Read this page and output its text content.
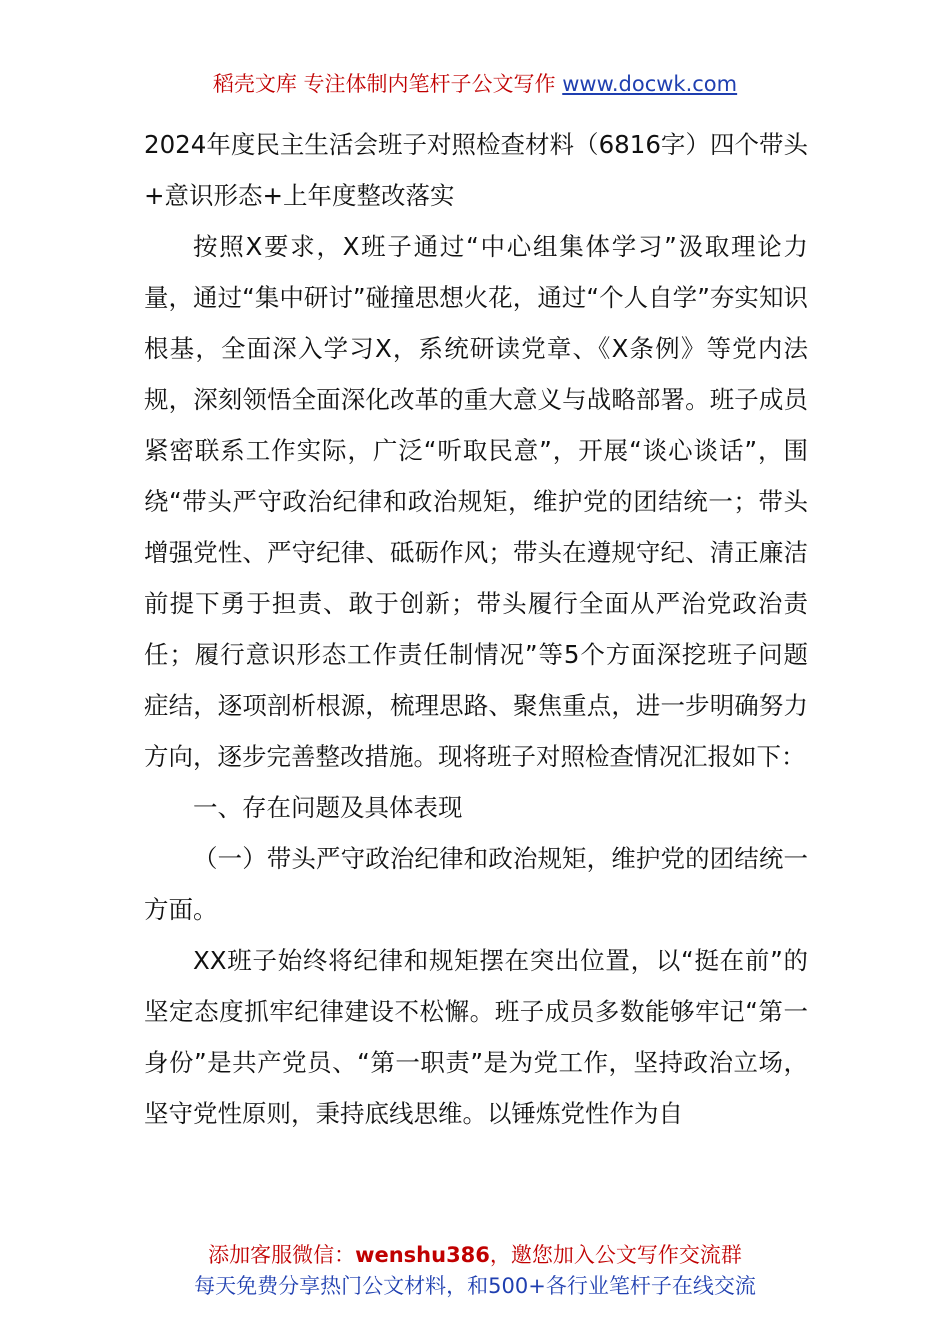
稻壳文库 专注体制内笔杆子公文写作 www.docwk.com

2024年度民主生活会班子对照检查材料（6816字）四个带头+意识形态+上年度整改落实

按照X要求，X班子通过“中心组集体学习”汲取理论力量，通过“集中研讨”碰撞思想火花，通过“个人自学”夯实知识根基，全面深入学习X，系统研读党章、《X条例》等党内法规，深刻领悟全面深化改革的重大意义与战略部署。班子成员紧密联系工作实际，广泛“听取民意”，开展“谈心谈话”，围绕“带头严守政治纪律和政治规矩，维护党的团结统一；带头增强党性、严守纪律、砥砺作风；带头在遵规守纪、清正廉洁前提下勇于担责、敢于创新；带头履行全面从严治党政治责任；履行意识形态工作责任制情况”等5个方面深挖班子问题症结，逐项剖析根源，梳理思路、聚焦重点，进一步明确努力方向，逐步完善整改措施。现将班子对照检查情况汇报如下：

一、存在问题及具体表现

（一）带头严守政治纪律和政治规矩，维护党的团结统一方面。

XX班子始终将纪律和规矩摆在突出位置，以“挺在前”的坚定态度抓牢纪律建设不松懈。班子成员多数能够牢记“第一身份”是共产党员、“第一职责”是为党工作，坚持政治立场，坚守党性原则，秉持底线思维。以锤炼党性作为自

添加客服微信：wenshu386，邀您加入公文写作交流群
每天免费分享热门公文材料，和500+各行业笔杆子在线交流
